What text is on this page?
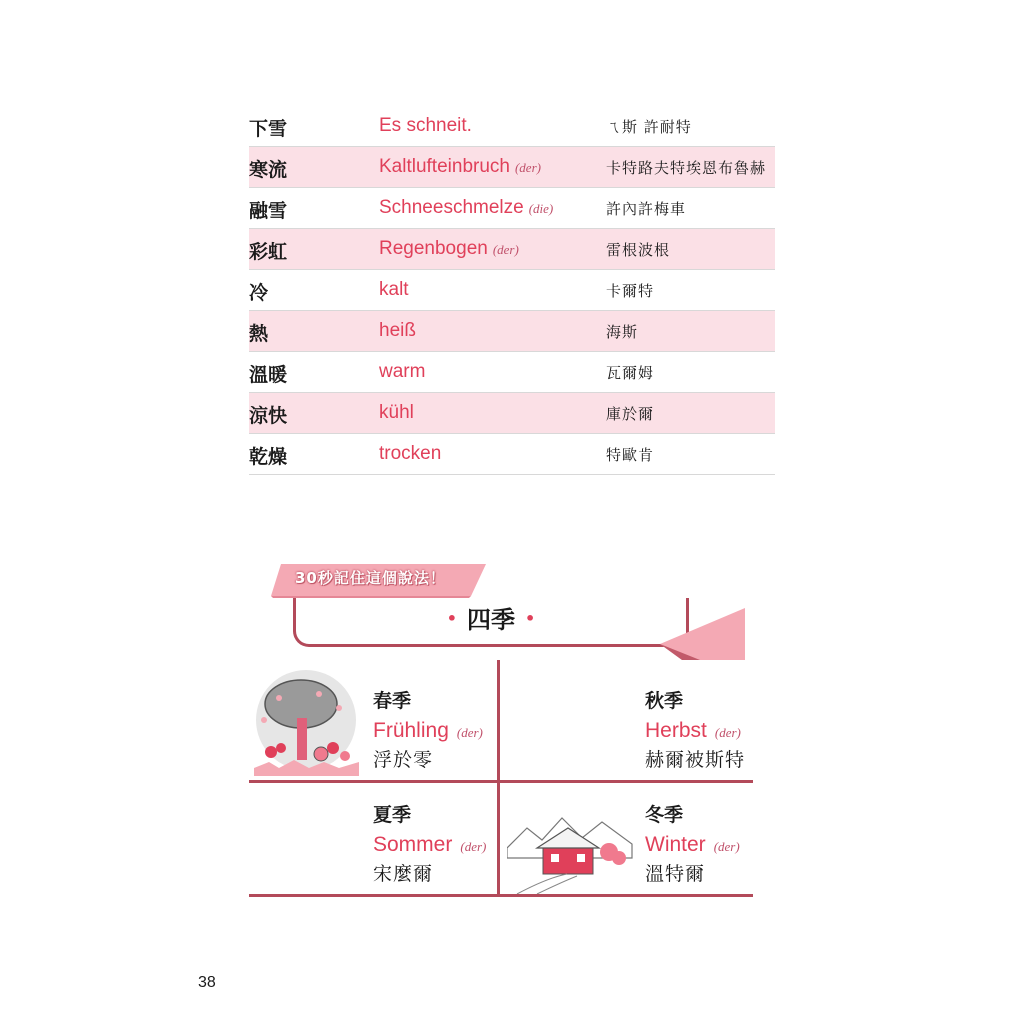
下雪	Es schneit.	ㄟ斯 許耐特
寒流	Kaltlufteinbruch (der)	卡特路夫特埃恩布魯赫
融雪	Schneeschmelze (die)	許內許梅車
彩虹	Regenbogen (der)	雷根波根
冷	kalt	卡爾特
熱	heiß	海斯
溫暖	warm	瓦爾姆
涼快	kühl	庫於爾
乾燥	trocken	特歐肯
30秒記住這個說法！
• 四季 •
春季
Frühling (der)
浮於零
秋季
Herbst (der)
赫爾被斯特
夏季
Sommer (der)
宋麼爾
冬季
Winter (der)
溫特爾
38
